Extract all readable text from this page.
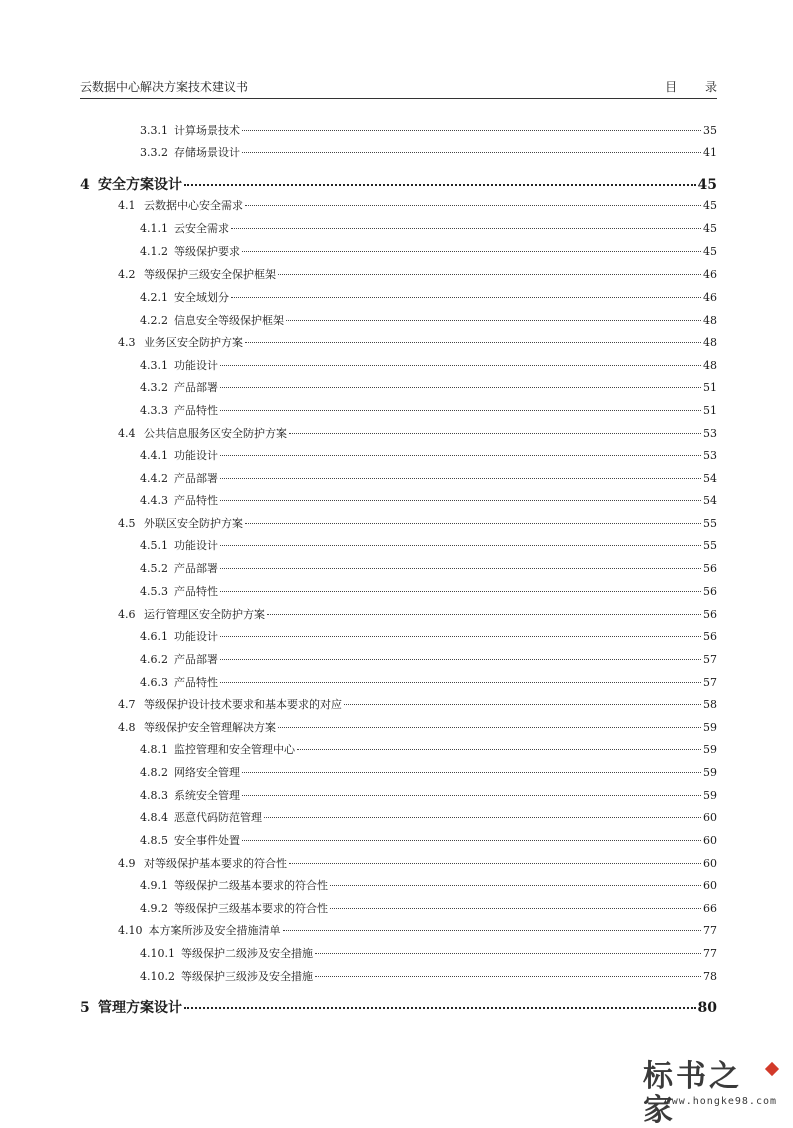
云数据中心解决方案技术建议书	目 录
3.3.1 计算场景技术	35
3.3.2 存储场景设计	41
4 安全方案设计	45
4.1 云数据中心安全需求	45
4.1.1 云安全需求	45
4.1.2 等级保护要求	45
4.2 等级保护三级安全保护框架	46
4.2.1 安全域划分	46
4.2.2 信息安全等级保护框架	48
4.3 业务区安全防护方案	48
4.3.1 功能设计	48
4.3.2 产品部署	51
4.3.3 产品特性	51
4.4 公共信息服务区安全防护方案	53
4.4.1 功能设计	53
4.4.2 产品部署	54
4.4.3 产品特性	54
4.5 外联区安全防护方案	55
4.5.1 功能设计	55
4.5.2 产品部署	56
4.5.3 产品特性	56
4.6 运行管理区安全防护方案	56
4.6.1 功能设计	56
4.6.2 产品部署	57
4.6.3 产品特性	57
4.7 等级保护设计技术要求和基本要求的对应	58
4.8 等级保护安全管理解决方案	59
4.8.1 监控管理和安全管理中心	59
4.8.2 网络安全管理	59
4.8.3 系统安全管理	59
4.8.4 恶意代码防范管理	60
4.8.5 安全事件处置	60
4.9 对等级保护基本要求的符合性	60
4.9.1 等级保护二级基本要求的符合性	60
4.9.2 等级保护三级基本要求的符合性	66
4.10 本方案所涉及安全措施清单	77
4.10.1 等级保护二级涉及安全措施	77
4.10.2 等级保护三级涉及安全措施	78
5 管理方案设计	80
标书之家
www.hongke98.com
